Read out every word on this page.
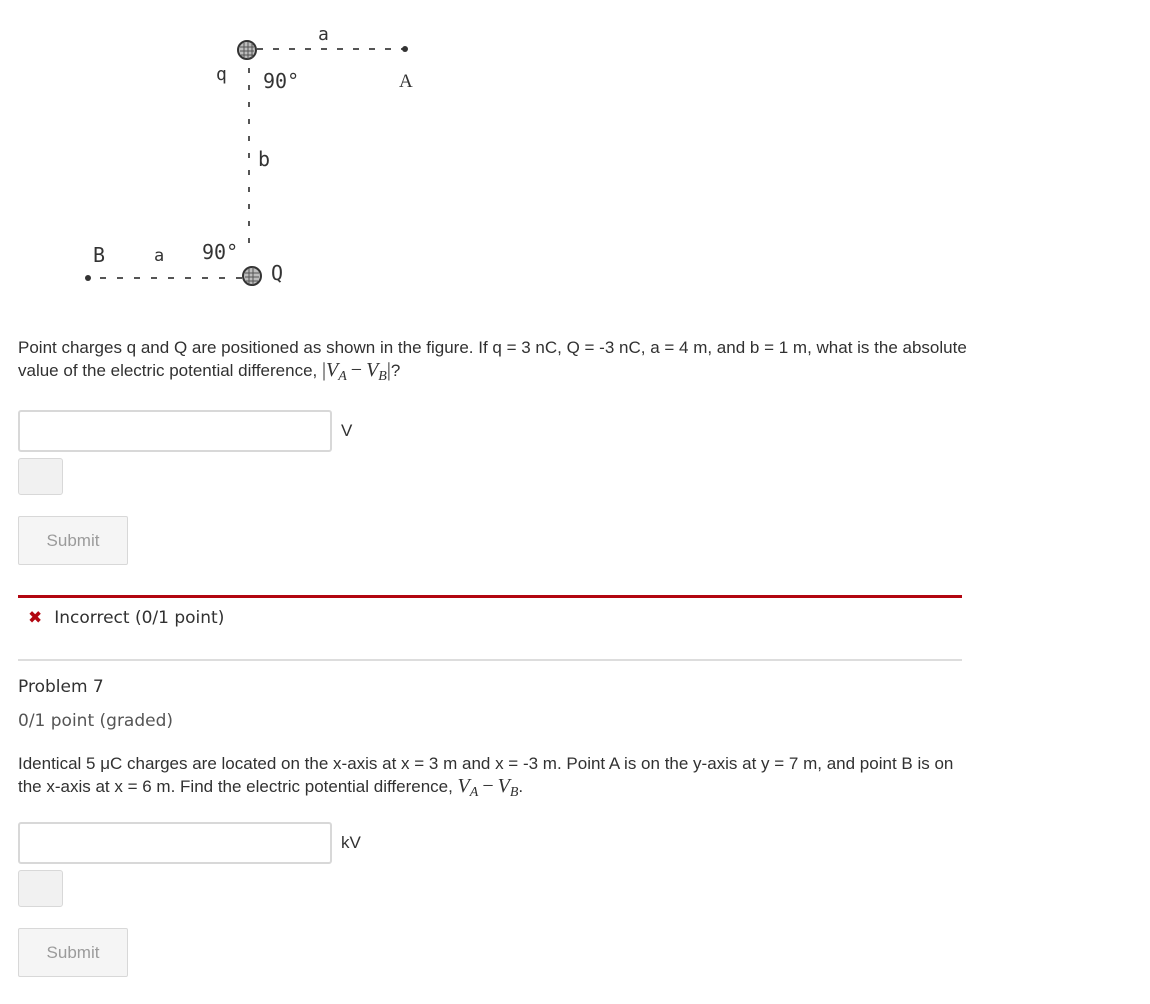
a
q 90°	A
b
B	a 90°
Q
Point charges q and Q are positioned as shown in the figure. If q = 3 nC, Q = -3 nC, a = 4 m, and b = 1 m, what is the absolute value of the electric potential difference, $|V_A - V_B|$?
V
Submit
✖ Incorrect (0/1 point)
Problem 7
0/1 point (graded)
Identical 5 μC charges are located on the x-axis at x = 3 m and x = -3 m. Point A is on the y-axis at y = 7 m, and point B is on the x-axis at x = 6 m. Find the electric potential difference, $V_A - V_B$.
kV
Submit
